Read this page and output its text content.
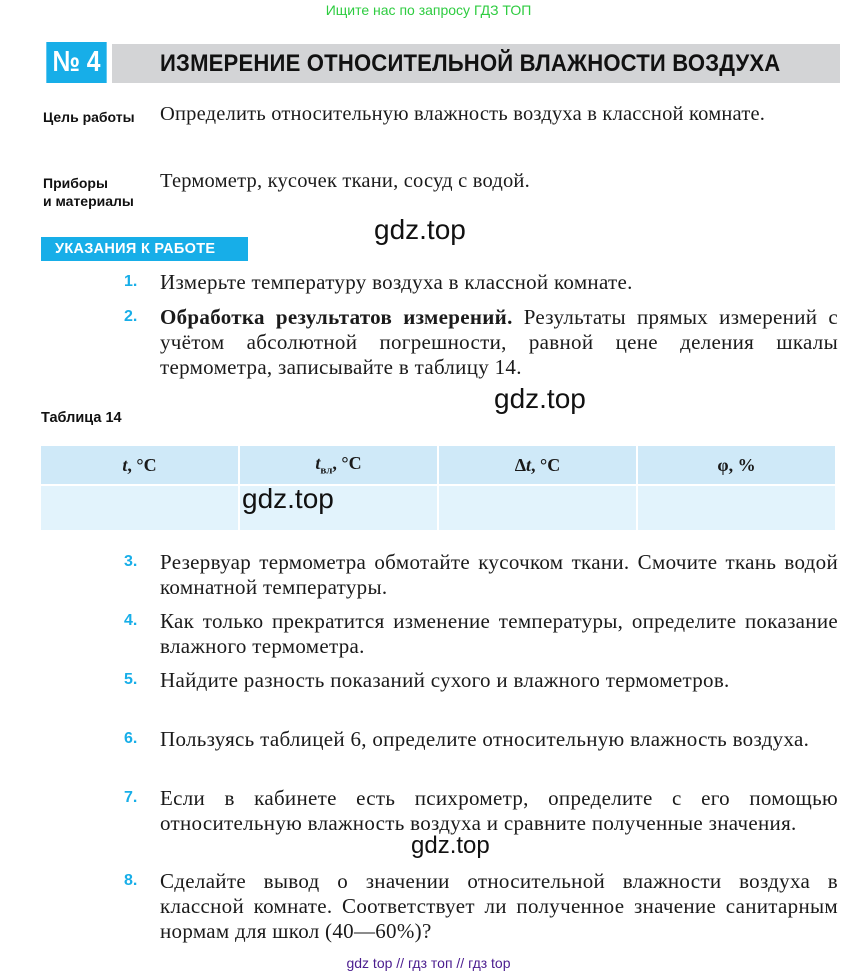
Ищите нас по запросу ГДЗ ТОП
№ 4 ИЗМЕРЕНИЕ ОТНОСИТЕЛЬНОЙ ВЛАЖНОСТИ ВОЗДУХА
Цель работы Определить относительную влажность воздуха в классной комнате.
Приборы
и материалы
Термометр, кусочек ткани, сосуд с водой.
УКАЗАНИЯ К РАБОТЕ
gdz.top
1.	Измерьте температуру воздуха в классной комнате.
2.	Обработка результатов измерений. Результаты прямых измерений с учётом абсолютной погрешности, равной цене деления шкалы термометра, записывайте в таблицу 14.
gdz.top
Таблица 14
t, °C	$t_{вл}$, °C	Δt, °C	φ, %

gdz.top
3.	Резервуар термометра обмотайте кусочком ткани. Смочите ткань водой комнатной температуры.
4.	Как только прекратится изменение температуры, определите показание влажного термометра.
5.	Найдите разность показаний сухого и влажного термометров.
6.	Пользуясь таблицей 6, определите относительную влажность воздуха.
7.	Если в кабинете есть психрометр, определите с его помощью относительную влажность воздуха и сравните полученные значения.
gdz.top
8.	Сделайте вывод о значении относительной влажности воздуха в классной комнате. Соответствует ли полученное значение санитарным нормам для школ (40—60%)?
gdz top // гдз топ // гдз top
